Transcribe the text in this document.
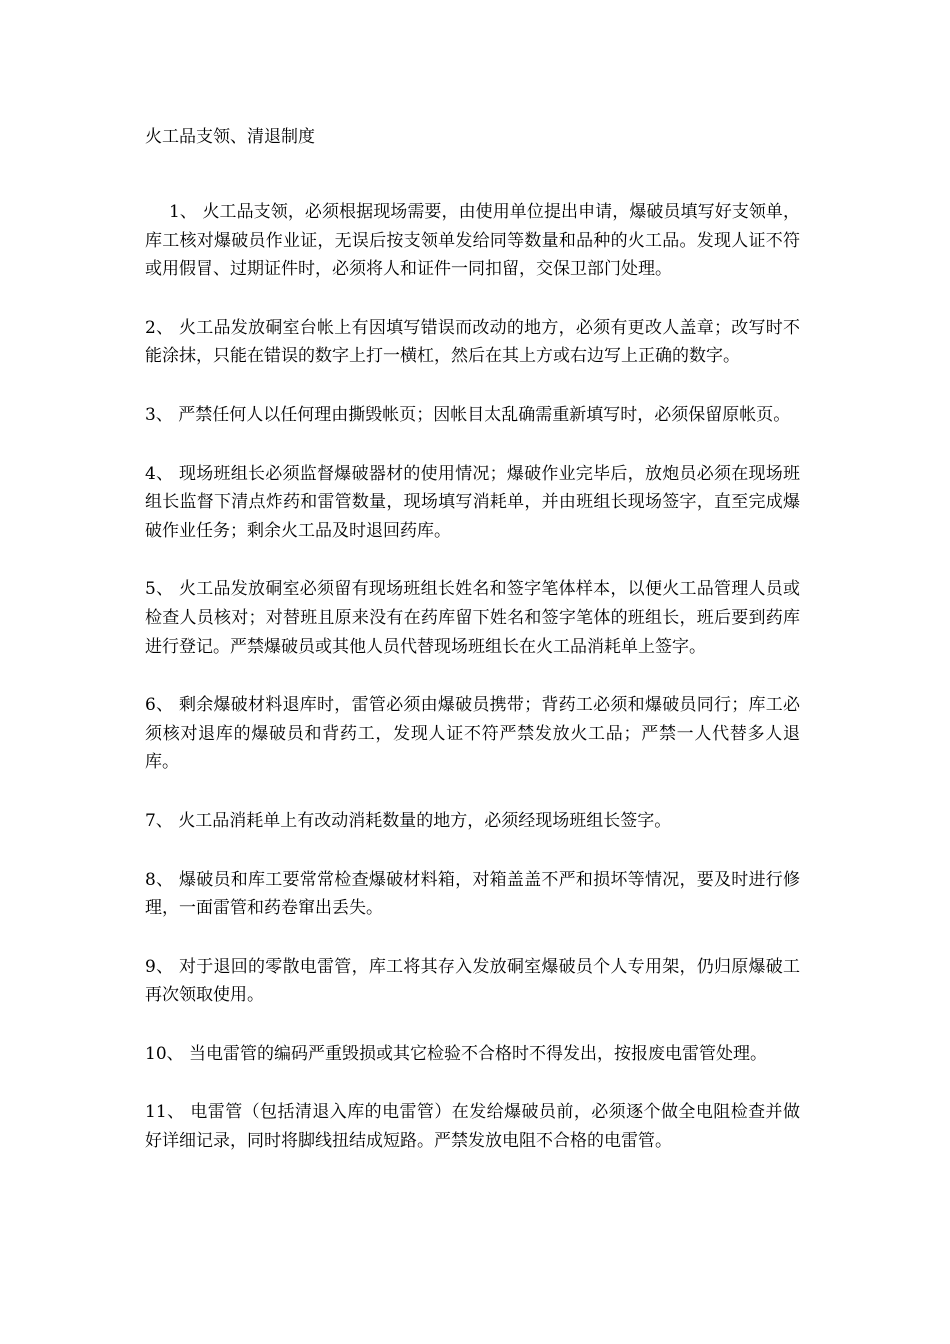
火工品支领、清退制度

1、 火工品支领，必须根据现场需要，由使用单位提出申请，爆破员填写好支领单，库工核对爆破员作业证，无误后按支领单发给同等数量和品种的火工品。发现人证不符或用假冒、过期证件时，必须将人和证件一同扣留，交保卫部门处理。

2、 火工品发放硐室台帐上有因填写错误而改动的地方，必须有更改人盖章；改写时不能涂抹，只能在错误的数字上打一横杠，然后在其上方或右边写上正确的数字。

3、 严禁任何人以任何理由撕毁帐页；因帐目太乱确需重新填写时，必须保留原帐页。

4、 现场班组长必须监督爆破器材的使用情况；爆破作业完毕后，放炮员必须在现场班组长监督下清点炸药和雷管数量，现场填写消耗单，并由班组长现场签字，直至完成爆破作业任务；剩余火工品及时退回药库。

5、 火工品发放硐室必须留有现场班组长姓名和签字笔体样本，以便火工品管理人员或检查人员核对；对替班且原来没有在药库留下姓名和签字笔体的班组长，班后要到药库进行登记。严禁爆破员或其他人员代替现场班组长在火工品消耗单上签字。

6、 剩余爆破材料退库时，雷管必须由爆破员携带；背药工必须和爆破员同行；库工必须核对退库的爆破员和背药工，发现人证不符严禁发放火工品；严禁一人代替多人退库。

7、 火工品消耗单上有改动消耗数量的地方，必须经现场班组长签字。

8、 爆破员和库工要常常检查爆破材料箱，对箱盖盖不严和损坏等情况，要及时进行修理，一面雷管和药卷窜出丢失。

9、 对于退回的零散电雷管，库工将其存入发放硐室爆破员个人专用架，仍归原爆破工再次领取使用。

10、 当电雷管的编码严重毁损或其它检验不合格时不得发出，按报废电雷管处理。

11、 电雷管（包括清退入库的电雷管）在发给爆破员前，必须逐个做全电阻检查并做好详细记录，同时将脚线扭结成短路。严禁发放电阻不合格的电雷管。
